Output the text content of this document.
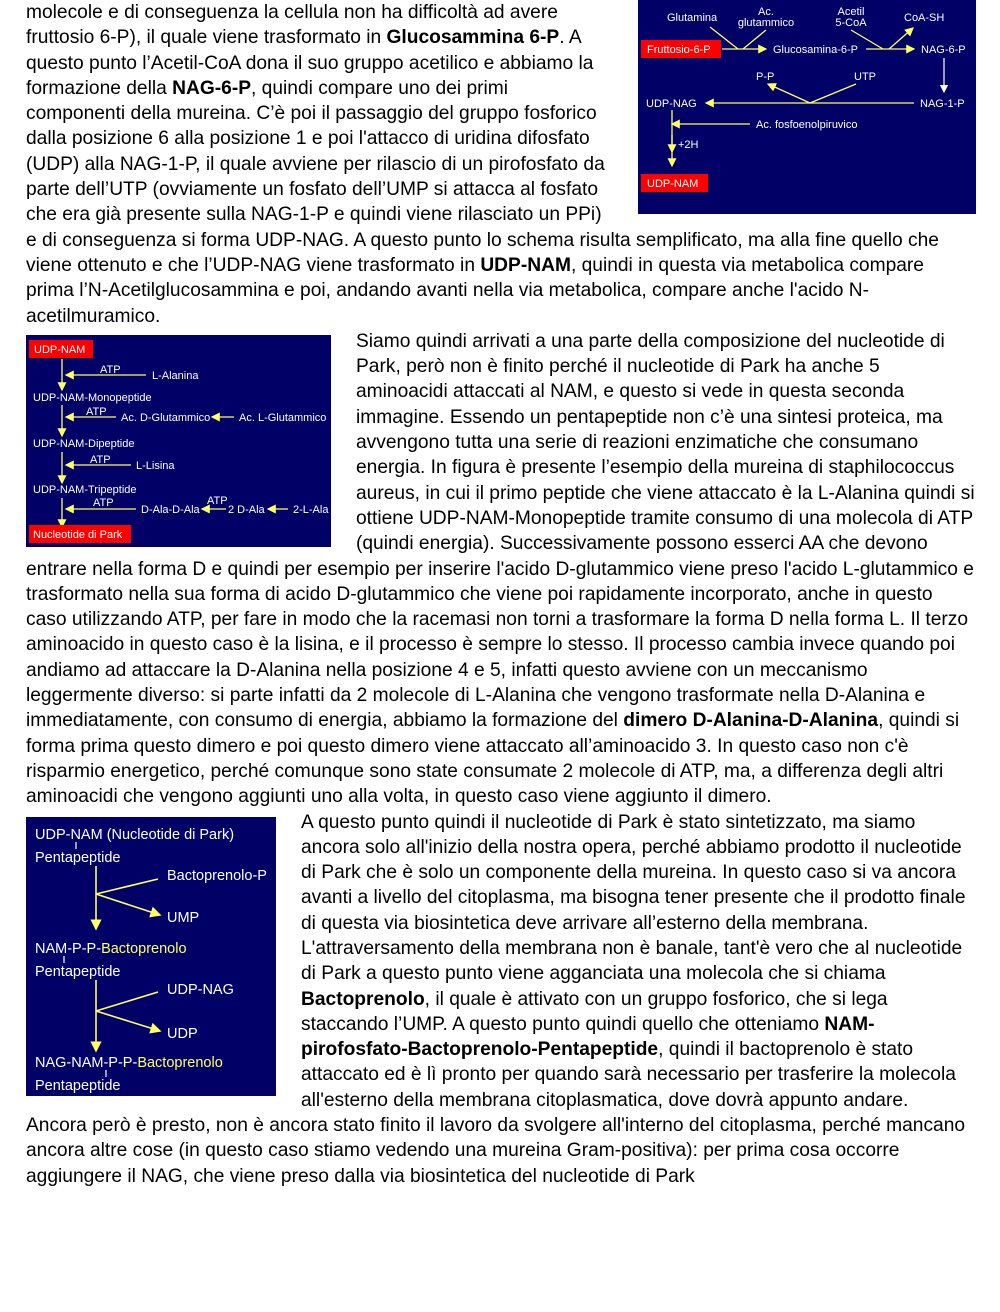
Glutamina	Ac.
glutammico
Acetil
5-CoA	CoA-SH
Fruttosio-6-P	Glucosamina-6-P	NAG-6-P
NAG-1-P
P-P	UTP
UDP-NAG
Ac. fosfoenolpiruvico
+2H
UDP-NAM

molecole e di conseguenza la cellula non ha difficoltà ad avere fruttosio 6-P), il quale viene trasformato in Glucosammina 6-P. A questo punto l’Acetil-CoA dona il suo gruppo acetilico e abbiamo la formazione della NAG-6-P, quindi compare uno dei primi componenti della mureina. C’è poi il passaggio del gruppo fosforico dalla posizione 6 alla posizione 1 e poi l'attacco di uridina difosfato (UDP) alla NAG-1-P, il quale avviene per rilascio di un pirofosfato da parte dell’UTP (ovviamente un fosfato dell’UMP si attacca al fosfato che era già presente sulla NAG-1-P e quindi viene rilasciato un PPi) e di conseguenza si forma UDP-NAG. A questo punto lo schema risulta semplificato, ma alla fine quello che viene ottenuto e che l’UDP-NAG viene trasformato in UDP-NAM, quindi in questa via metabolica compare prima l’N-Acetilglucosammina e poi, andando avanti nella via metabolica, compare anche l'acido N-acetilmuramico.

UDP-NAM
ATP	L-Alanina
UDP-NAM-Monopeptide
ATP Ac. D-Glutammico	Ac. L-Glutammico
UDP-NAM-Dipeptide
ATP L-Lisina
UDP-NAM-Tripeptide
ATP
D-Ala-D-Ala
ATP
2 D-Ala	2-L-Ala
Nucleotide di Park

Siamo quindi arrivati a una parte della composizione del nucleotide di Park, però non è finito perché il nucleotide di Park ha anche 5 aminoacidi attaccati al NAM, e questo si vede in questa seconda immagine. Essendo un pentapeptide non c’è una sintesi proteica, ma avvengono tutta una serie di reazioni enzimatiche che consumano energia. In figura è presente l’esempio della mureina di staphilococcus aureus, in cui il primo peptide che viene attaccato è la L-Alanina quindi si ottiene UDP-NAM-Monopeptide tramite consumo di una molecola di ATP (quindi energia). Successivamente possono esserci AA che devono entrare nella forma D e quindi per esempio per inserire l'acido D-glutammico viene preso l'acido L-glutammico e trasformato nella sua forma di acido D-glutammico che viene poi rapidamente incorporato, anche in questo caso utilizzando ATP, per fare in modo che la racemasi non torni a trasformare la forma D nella forma L. Il terzo aminoacido in questo caso è la lisina, e il processo è sempre lo stesso. Il processo cambia invece quando poi andiamo ad attaccare la D-Alanina nella posizione 4 e 5, infatti questo avviene con un meccanismo leggermente diverso: si parte infatti da 2 molecole di L-Alanina che vengono trasformate nella D-Alanina e immediatamente, con consumo di energia, abbiamo la formazione del dimero D-Alanina-D-Alanina, quindi si forma prima questo dimero e poi questo dimero viene attaccato all’aminoacido 3. In questo caso non c'è risparmio energetico, perché comunque sono state consumate 2 molecole di ATP, ma, a differenza degli altri aminoacidi che vengono aggiunti uno alla volta, in questo caso viene aggiunto il dimero.

UDP-NAM (Nucleotide di Park)
Pentapeptide
Bactoprenolo-P
UMP
NAM-P-P-Bactoprenolo
Pentapeptide
UDP-NAG
UDP
NAG-NAM-P-P-Bactoprenolo
Pentapeptide

A questo punto quindi il nucleotide di Park è stato sintetizzato, ma siamo ancora solo all'inizio della nostra opera, perché abbiamo prodotto il nucleotide di Park che è solo un componente della mureina. In questo caso si va ancora avanti a livello del citoplasma, ma bisogna tener presente che il prodotto finale di questa via biosintetica deve arrivare all’esterno della membrana. L'attraversamento della membrana non è banale, tant'è vero che al nucleotide di Park a questo punto viene agganciata una molecola che si chiama Bactoprenolo, il quale è attivato con un gruppo fosforico, che si lega staccando l’UMP. A questo punto quindi quello che otteniamo NAM-pirofosfato-Bactoprenolo-Pentapeptide, quindi il bactoprenolo è stato attaccato ed è lì pronto per quando sarà necessario per trasferire la molecola all'esterno della membrana citoplasmatica, dove dovrà appunto andare.

Ancora però è presto, non è ancora stato finito il lavoro da svolgere all'interno del citoplasma, perché mancano ancora altre cose (in questo caso stiamo vedendo una mureina Gram-positiva): per prima cosa occorre aggiungere il NAG, che viene preso dalla via biosintetica del nucleotide di Park
